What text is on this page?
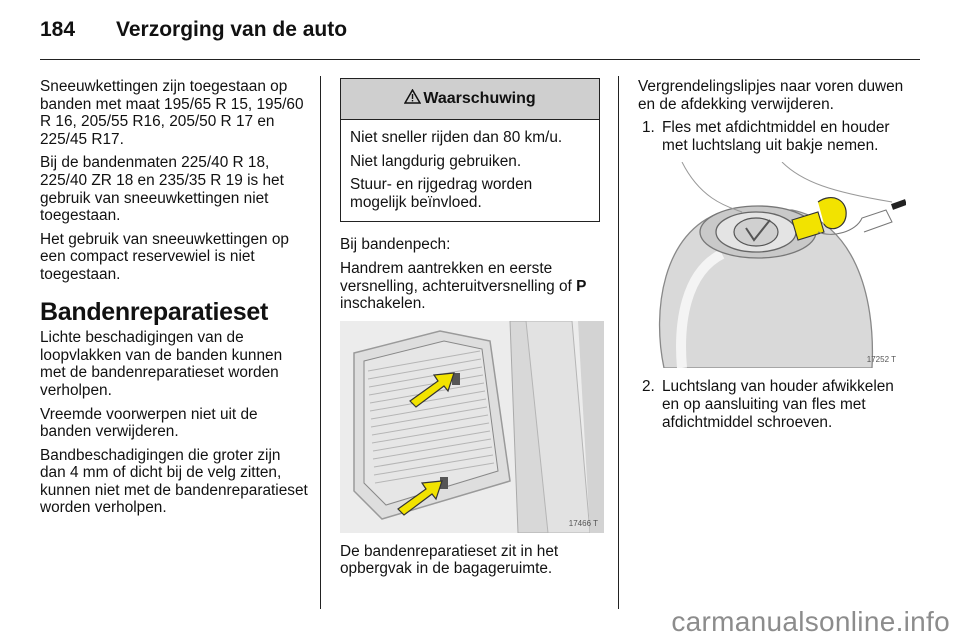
184 Verzorging van de auto

Sneeuwkettingen zijn toegestaan op banden met maat 195/65 R 15, 195/60 R 16, 205/55 R16, 205/50 R 17 en 225/45 R17.

Bij de bandenmaten 225/40 R 18, 225/40 ZR 18 en 235/35 R 19 is het gebruik van sneeuwkettingen niet toegestaan.

Het gebruik van sneeuwkettingen op een compact reservewiel is niet toegestaan.

Bandenreparatieset

Lichte beschadigingen van de loopvlakken van de banden kunnen met de bandenreparatieset worden verholpen.

Vreemde voorwerpen niet uit de banden verwijderen.

Bandbeschadigingen die groter zijn dan 4 mm of dicht bij de velg zitten, kunnen niet met de bandenreparatieset worden verholpen.

Waarschuwing

Niet sneller rijden dan 80 km/u.

Niet langdurig gebruiken.

Stuur- en rijgedrag worden mogelijk beïnvloed.

Bij bandenpech:

Handrem aantrekken en eerste versnelling, achteruitversnelling of P inschakelen.

17466 T

De bandenreparatieset zit in het opbergvak in de bagageruimte.

Vergrendelingslipjes naar voren duwen en de afdekking verwijderen.

1. Fles met afdichtmiddel en houder met luchtslang uit bakje nemen.
17252 T
2. Luchtslang van houder afwikkelen en op aansluiting van fles met afdichtmiddel schroeven.
carmanualsonline.info
